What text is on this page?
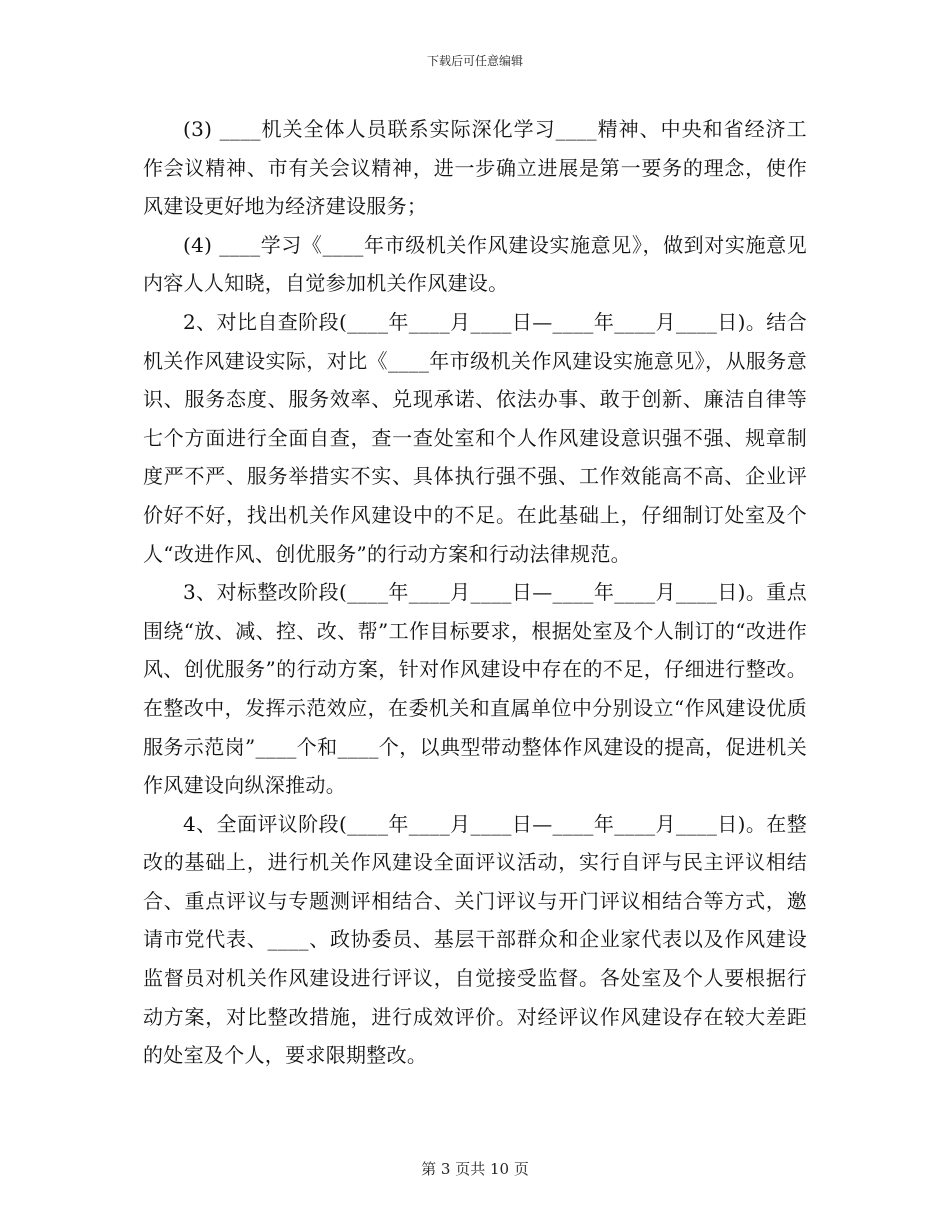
下载后可任意编辑

(3) ____机关全体人员联系实际深化学习____精神、中央和省经济工作会议精神、市有关会议精神，进一步确立进展是第一要务的理念，使作风建设更好地为经济建设服务；

(4) ____学习《____年市级机关作风建设实施意见》，做到对实施意见内容人人知晓，自觉参加机关作风建设。

2、对比自查阶段(____年____月____日—____年____月____日)。结合机关作风建设实际，对比《____年市级机关作风建设实施意见》，从服务意识、服务态度、服务效率、兑现承诺、依法办事、敢于创新、廉洁自律等七个方面进行全面自查，查一查处室和个人作风建设意识强不强、规章制度严不严、服务举措实不实、具体执行强不强、工作效能高不高、企业评价好不好，找出机关作风建设中的不足。在此基础上，仔细制订处室及个人“改进作风、创优服务”的行动方案和行动法律规范。

3、对标整改阶段(____年____月____日—____年____月____日)。重点围绕“放、减、控、改、帮”工作目标要求，根据处室及个人制订的“改进作风、创优服务”的行动方案，针对作风建设中存在的不足，仔细进行整改。在整改中，发挥示范效应，在委机关和直属单位中分别设立“作风建设优质服务示范岗”____个和____个，以典型带动整体作风建设的提高，促进机关作风建设向纵深推动。

4、全面评议阶段(____年____月____日—____年____月____日)。在整改的基础上，进行机关作风建设全面评议活动，实行自评与民主评议相结合、重点评议与专题测评相结合、关门评议与开门评议相结合等方式，邀请市党代表、____、政协委员、基层干部群众和企业家代表以及作风建设监督员对机关作风建设进行评议，自觉接受监督。各处室及个人要根据行动方案，对比整改措施，进行成效评价。对经评议作风建设存在较大差距的处室及个人，要求限期整改。

第 3 页共 10 页
